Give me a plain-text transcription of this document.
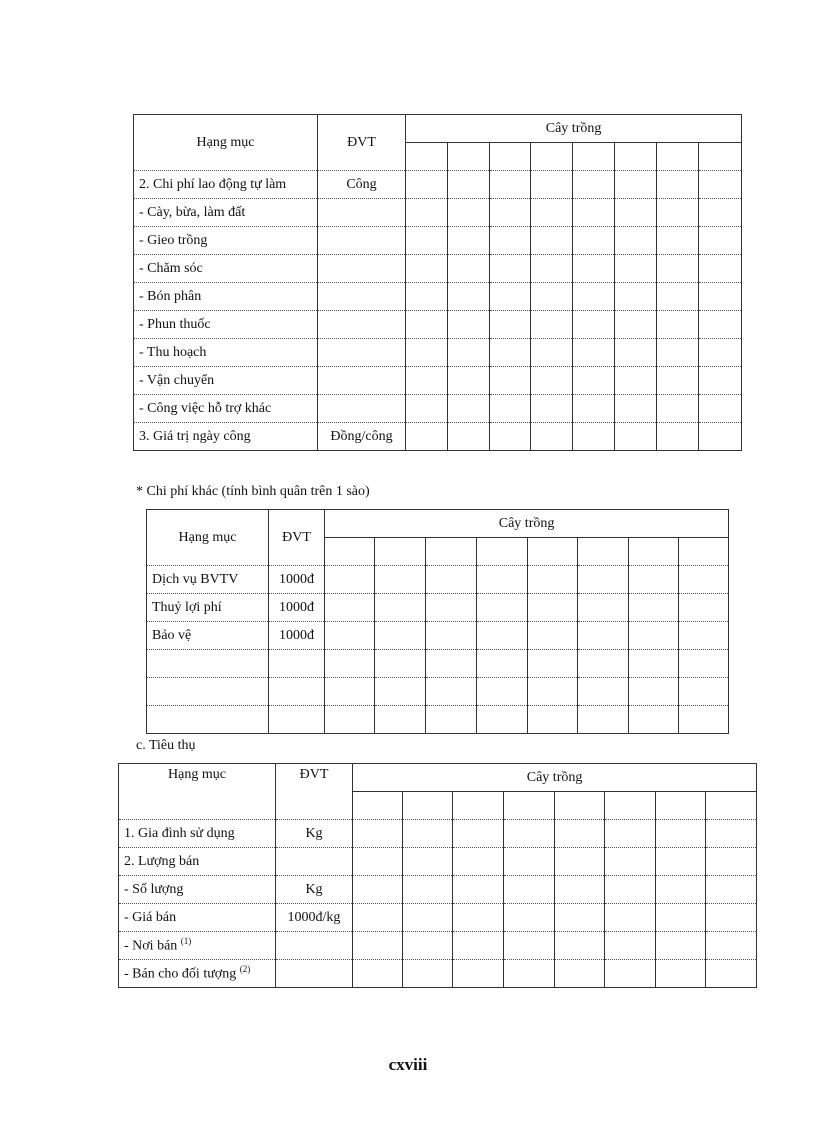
Hạng mục	ĐVT	Cây trồng							

2. Chi phí lao động tự làm	Công								
- Cày, bừa, làm đất									
- Gieo trồng									
- Chăm sóc									
- Bón phân									
- Phun thuốc									
- Thu hoạch									
- Vận chuyển									
- Công việc hỗ trợ khác									
3. Giá trị ngày công	Đồng/công								
* Chi phí khác (tính bình quân trên 1 sào)
Hạng mục	ĐVT	Cây trồng							

Dịch vụ BVTV	1000đ								
Thuỷ lợi phí	1000đ								
Bảo vệ	1000đ								

c. Tiêu thụ
Hạng mục	ĐVT	Cây trồng							

1. Gia đình sử dụng	Kg								
2. Lượng bán									
- Số lượng	Kg								
- Giá bán	1000đ/kg								
- Nơi bán $^{(1)}$									
- Bán cho đối tượng $^{(2)}$									
cxviii
